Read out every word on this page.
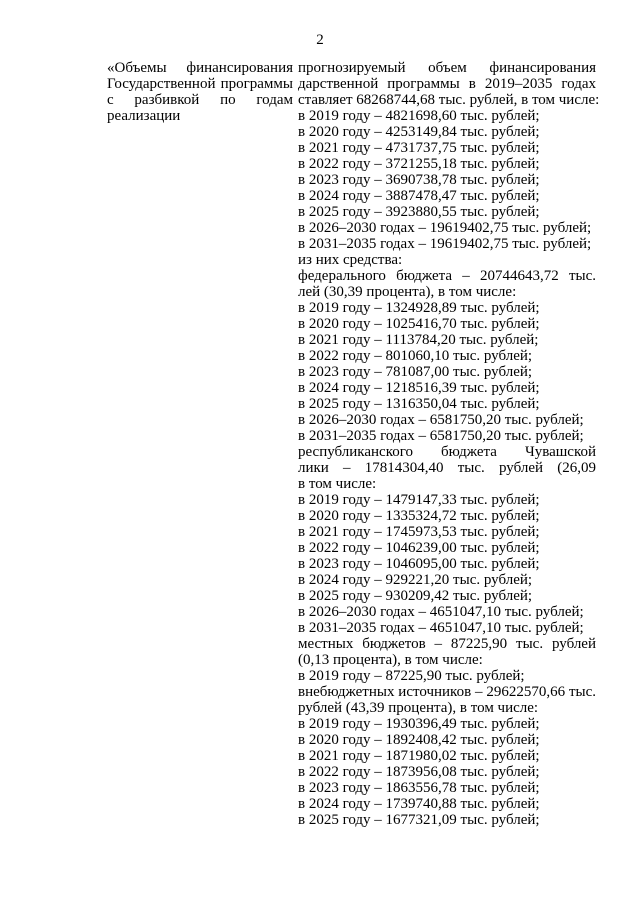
2
«Объемы финансирования Государственной программы с разбивкой по годам реализации
прогнозируемый объем финансирования
дарственной программы в 2019–2035 годах
ставляет 68268744,68 тыс. рублей, в том числе:
в 2019 году – 4821698,60 тыс. рублей;
в 2020 году – 4253149,84 тыс. рублей;
в 2021 году – 4731737,75 тыс. рублей;
в 2022 году – 3721255,18 тыс. рублей;
в 2023 году – 3690738,78 тыс. рублей;
в 2024 году – 3887478,47 тыс. рублей;
в 2025 году – 3923880,55 тыс. рублей;
в 2026–2030 годах – 19619402,75 тыс. рублей;
в 2031–2035 годах – 19619402,75 тыс. рублей;
из них средства:
федерального бюджета – 20744643,72 тыс.
лей (30,39 процента), в том числе:
в 2019 году – 1324928,89 тыс. рублей;
в 2020 году – 1025416,70 тыс. рублей;
в 2021 году – 1113784,20 тыс. рублей;
в 2022 году – 801060,10 тыс. рублей;
в 2023 году – 781087,00 тыс. рублей;
в 2024 году – 1218516,39 тыс. рублей;
в 2025 году – 1316350,04 тыс. рублей;
в 2026–2030 годах – 6581750,20 тыс. рублей;
в 2031–2035 годах – 6581750,20 тыс. рублей;
республиканского бюджета Чувашской
лики – 17814304,40 тыс. рублей (26,09
в том числе:
в 2019 году – 1479147,33 тыс. рублей;
в 2020 году – 1335324,72 тыс. рублей;
в 2021 году – 1745973,53 тыс. рублей;
в 2022 году – 1046239,00 тыс. рублей;
в 2023 году – 1046095,00 тыс. рублей;
в 2024 году – 929221,20 тыс. рублей;
в 2025 году – 930209,42 тыс. рублей;
в 2026–2030 годах – 4651047,10 тыс. рублей;
в 2031–2035 годах – 4651047,10 тыс. рублей;
местных бюджетов – 87225,90 тыс. рублей
(0,13 процента), в том числе:
в 2019 году – 87225,90 тыс. рублей;
внебюджетных источников – 29622570,66 тыс.
рублей (43,39 процента), в том числе:
в 2019 году – 1930396,49 тыс. рублей;
в 2020 году – 1892408,42 тыс. рублей;
в 2021 году – 1871980,02 тыс. рублей;
в 2022 году – 1873956,08 тыс. рублей;
в 2023 году – 1863556,78 тыс. рублей;
в 2024 году – 1739740,88 тыс. рублей;
в 2025 году – 1677321,09 тыс. рублей;
